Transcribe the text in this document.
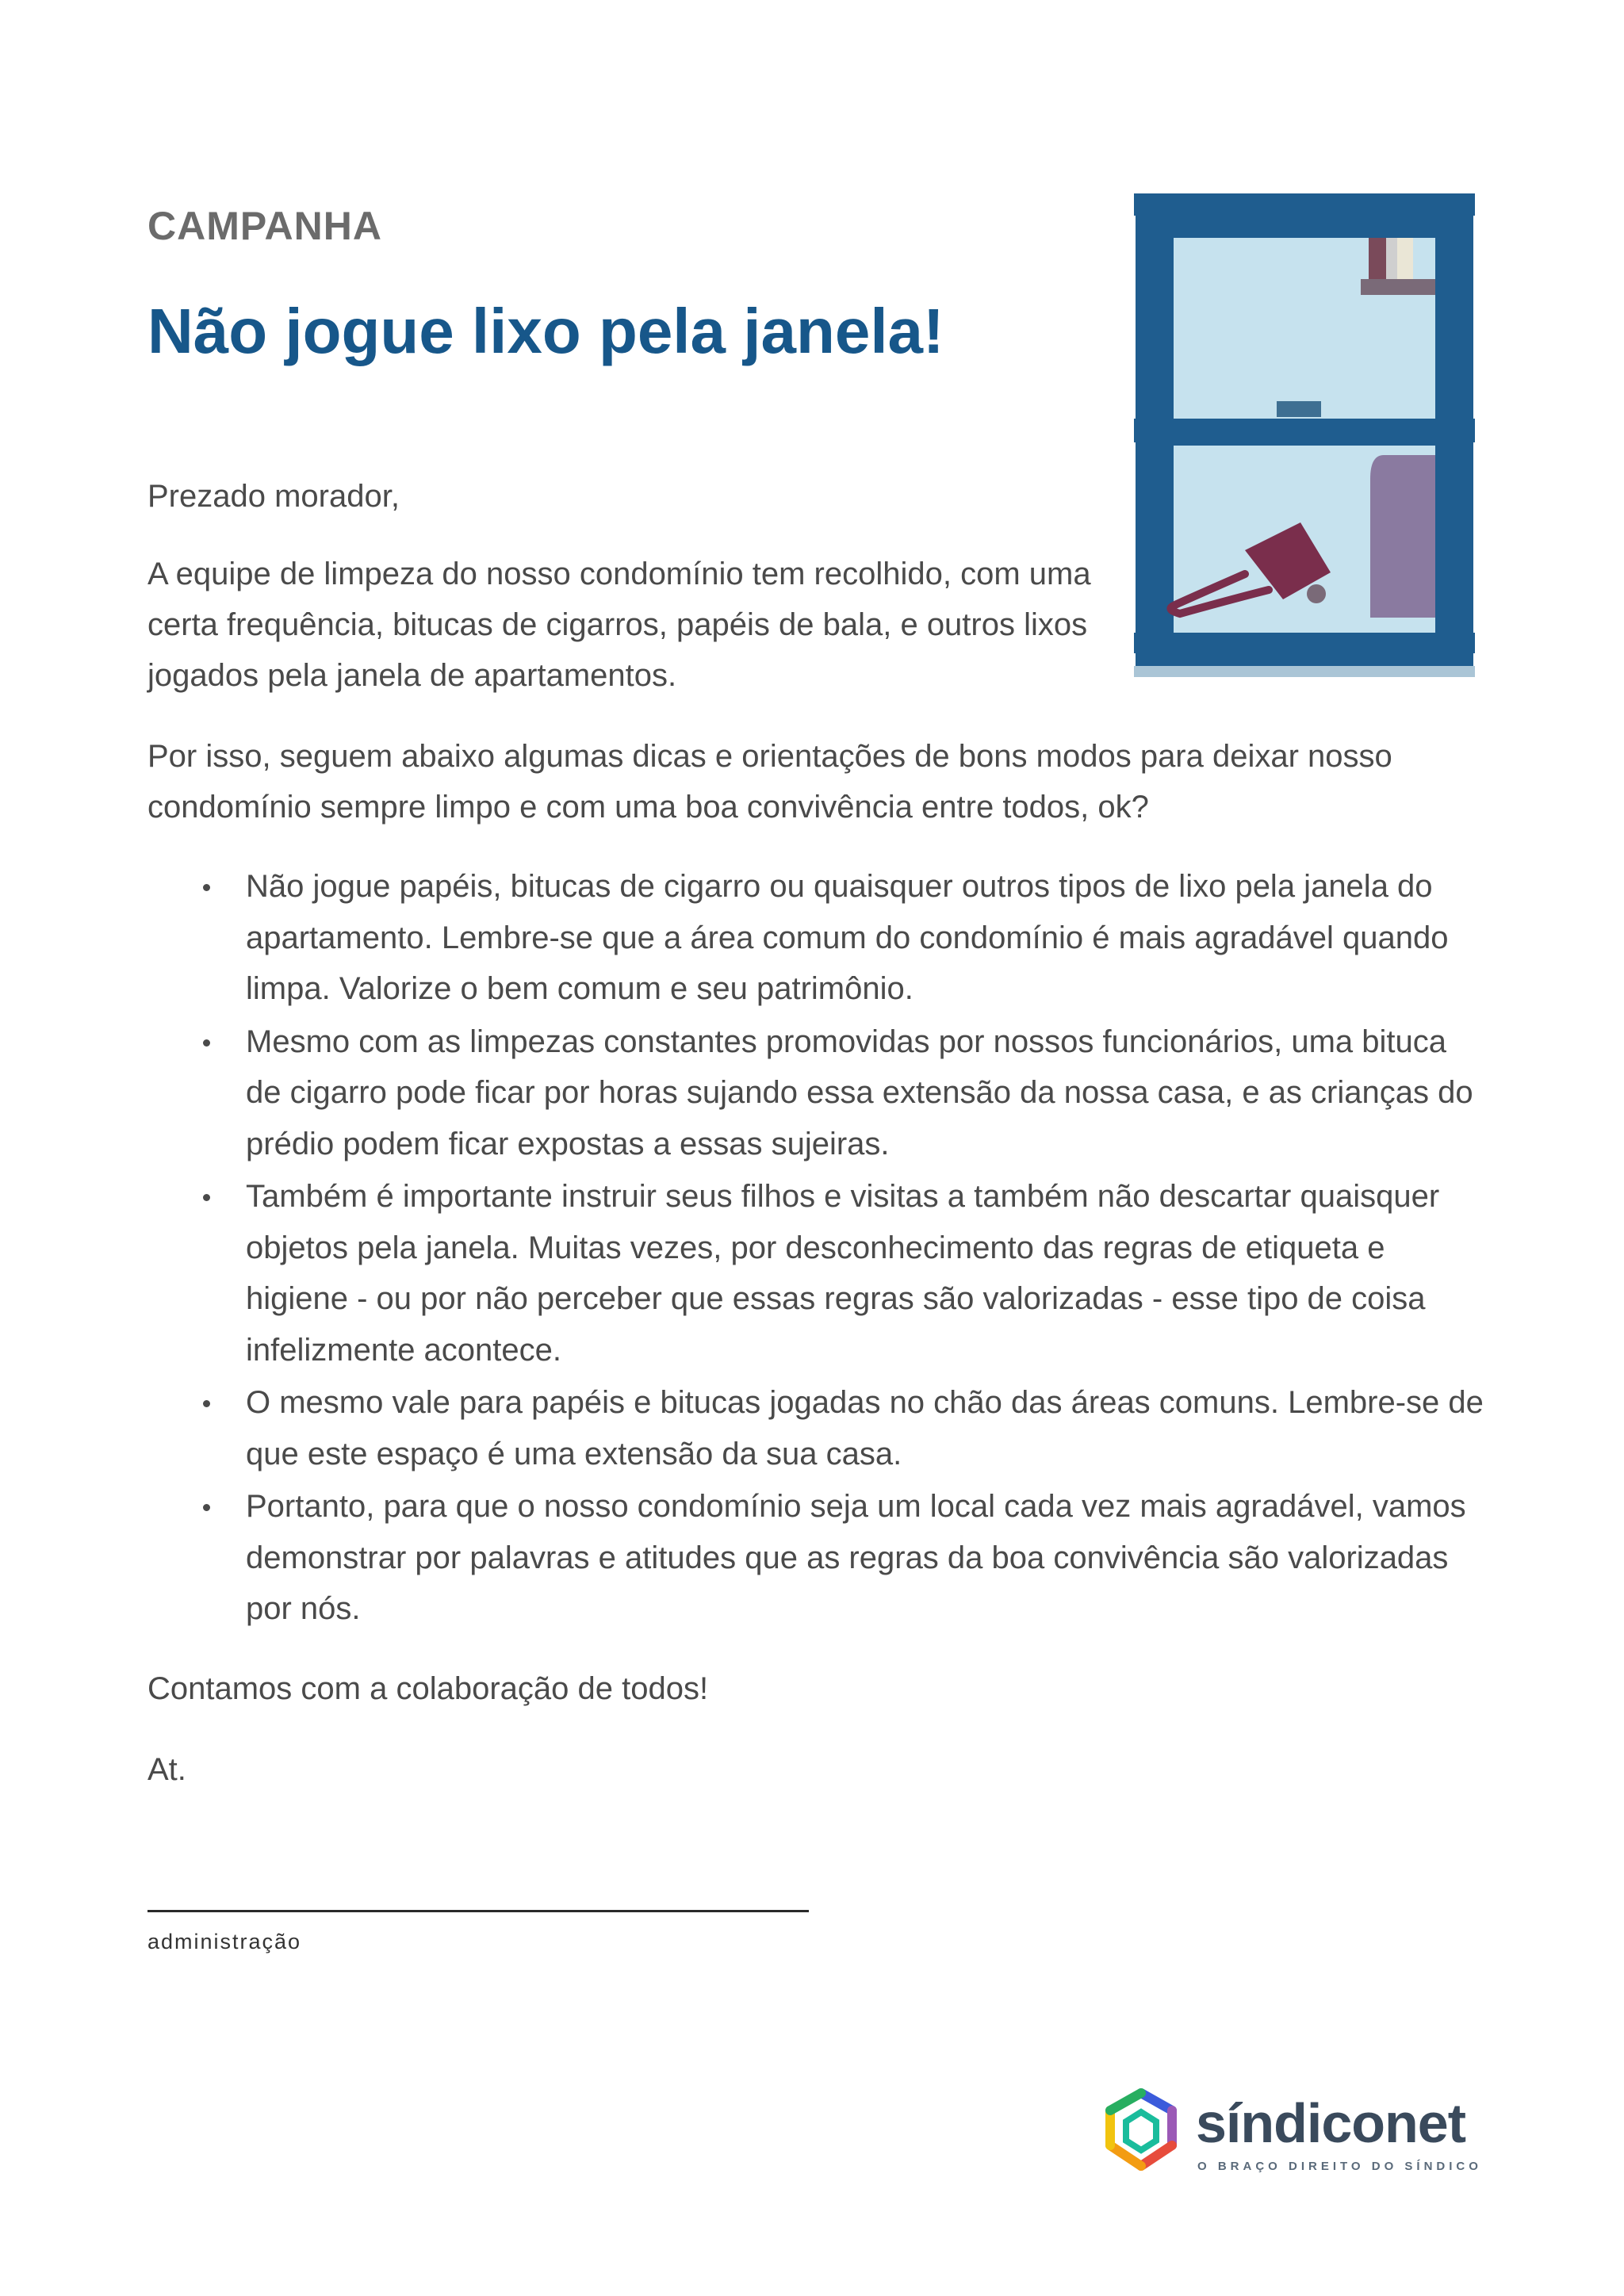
CAMPANHA

Não jogue lixo pela janela!

Prezado morador,

A equipe de limpeza do nosso condomínio tem recolhido, com uma certa frequência, bitucas de cigarros, papéis de bala, e outros lixos jogados pela janela de apartamentos.

Por isso, seguem abaixo algumas dicas e orientações de bons modos para deixar nosso condomínio sempre limpo e com uma boa convivência entre todos, ok?

Não jogue papéis, bitucas de cigarro ou quaisquer outros tipos de lixo pela janela do apartamento. Lembre-se que a área comum do condomínio é mais agradável quando limpa. Valorize o bem comum e seu patrimônio.
Mesmo com as limpezas constantes promovidas por nossos funcionários, uma bituca de cigarro pode ficar por horas sujando essa extensão da nossa casa, e as crianças do prédio podem ficar expostas a essas sujeiras.
Também é importante instruir seus filhos e visitas a também não descartar quaisquer objetos pela janela. Muitas vezes, por desconhecimento das regras de etiqueta e higiene - ou por não perceber que essas regras são valorizadas - esse tipo de coisa infelizmente acontece.
O mesmo vale para papéis e bitucas jogadas no chão das áreas comuns. Lembre-se de que este espaço é uma extensão da sua casa.
Portanto, para que o nosso condomínio seja um local cada vez mais agradável, vamos demonstrar por palavras e atitudes que as regras da boa convivência são valorizadas por nós.

Contamos com a colaboração de todos!

At.

administração

síndiconet

O BRAÇO DIREITO DO SÍNDICO
